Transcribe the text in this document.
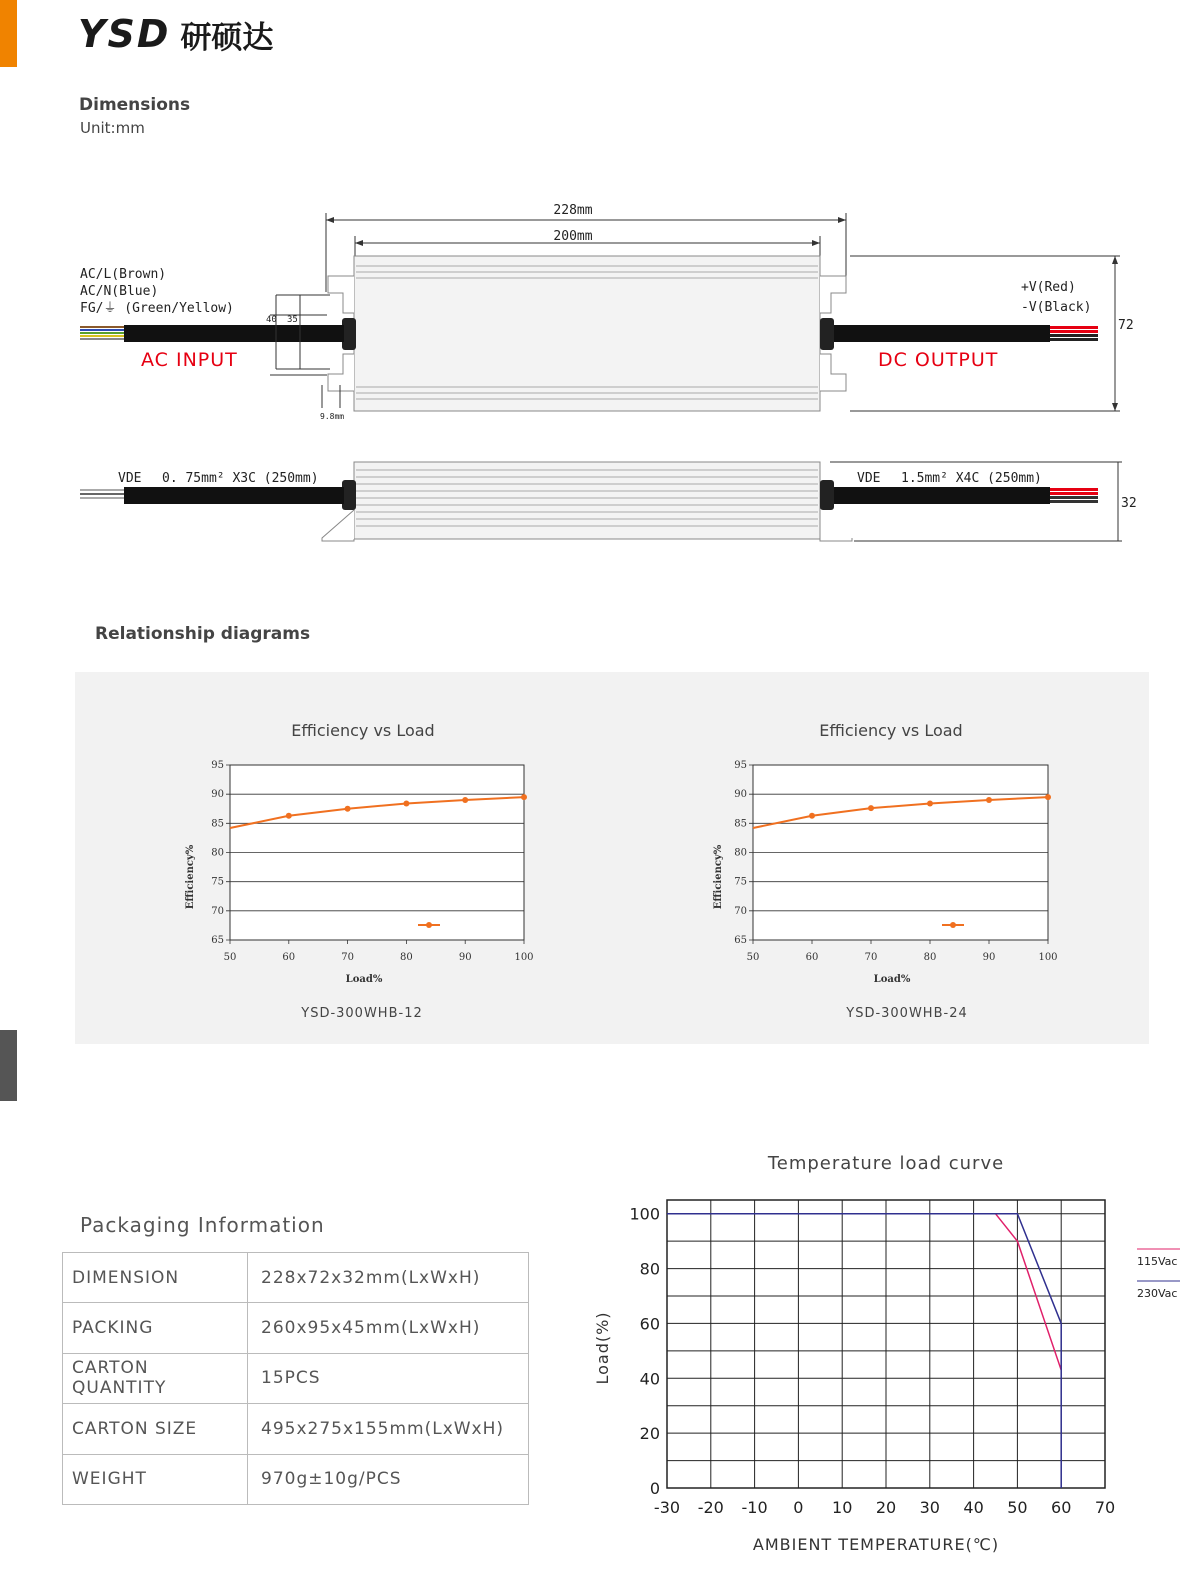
YSD 研硕达
Dimensions
Unit:mm
228mm
200mm
40 35
9.8mm
72
AC/L(Brown)
AC/N(Blue)
FG/⏚ (Green/Yellow)
+V(Red)
-V(Black)
AC INPUT	DC OUTPUT
VDE 0. 75mm² X3C (250mm)	VDE 1.5mm² X4C (250mm)
32
Relationship diagrams
Efficiency vs Load	Efficiency vs Load
YSD-300WHB-12	YSD-300WHB-24
Load%	Load%
Efficiency%	Efficiency%
65
70
75
80
85
90
95
50	60	70	80	90	100
65
70
75
80
85
90
95
50	60	70	80	90	100
Packaging Information
DIMENSION	228x72x32mm(LxWxH)
PACKING	260x95x45mm(LxWxH)
CARTON QUANTITY	15PCS
CARTON SIZE	495x275x155mm(LxWxH)
WEIGHT	970g±10g/PCS
Temperature load curve
AMBIENT TEMPERATURE(℃)
Load(%)
115Vac
230Vac
-30 -20 -10 0 10 20 30 40 50 60 70
0
20
40
60
80
100
